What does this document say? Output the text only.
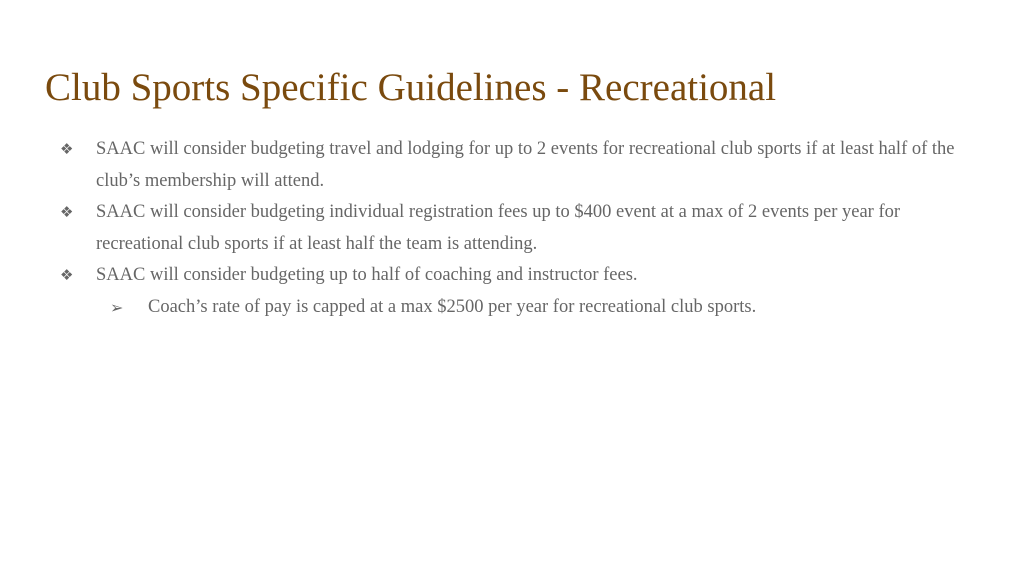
Club Sports Specific Guidelines - Recreational
❖	SAAC will consider budgeting travel and lodging for up to 2 events for recreational club sports if at least half of the club’s membership will attend.
❖	SAAC will consider budgeting individual registration fees up to $400 event at a max of 2 events per year for recreational club sports if at least half the team is attending.
❖	SAAC will consider budgeting up to half of coaching and instructor fees.
➢	Coach’s rate of pay is capped at a max $2500 per year for recreational club sports.
